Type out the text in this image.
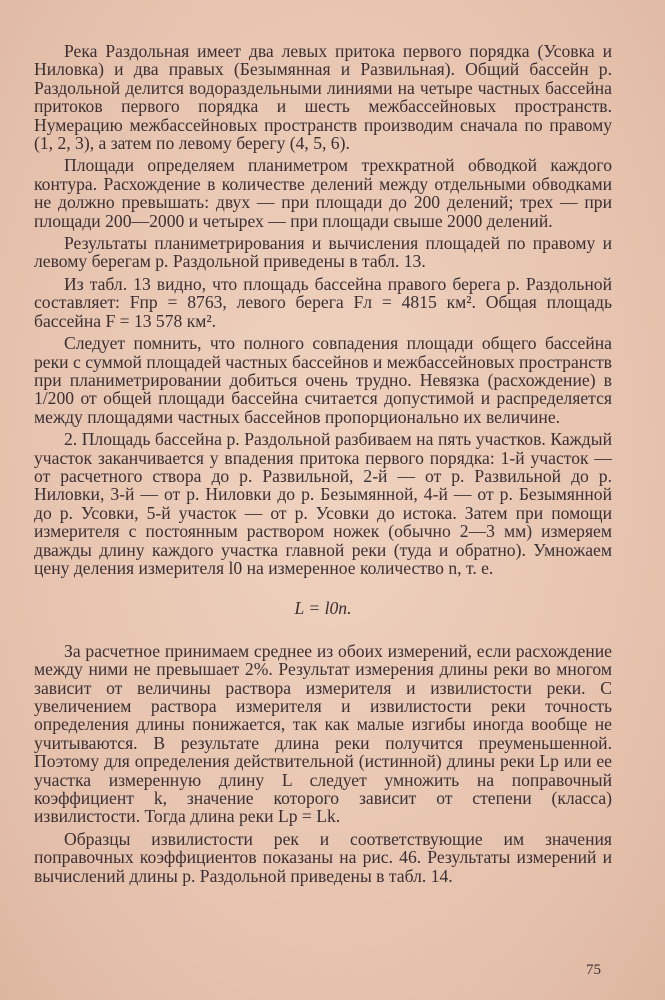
Река Раздольная имеет два левых притока первого порядка (Усовка и Ниловка) и два правых (Безымянная и Развильная). Общий бассейн р. Раздольной делится водораздельными линиями на четыре частных бассейна притоков первого порядка и шесть межбассейновых пространств. Нумерацию межбассейновых пространств производим сначала по правому (1, 2, 3), а затем по левому берегу (4, 5, 6).

Площади определяем планиметром трехкратной обводкой каждого контура. Расхождение в количестве делений между отдельными обводками не должно превышать: двух — при площади до 200 делений; трех — при площади 200—2000 и четырех — при площади свыше 2000 делений.

Результаты планиметрирования и вычисления площадей по правому и левому берегам р. Раздольной приведены в табл. 13.

Из табл. 13 видно, что площадь бассейна правого берега р. Раздольной составляет: Fпр = 8763, левого берега Fл = 4815 км². Общая площадь бассейна F = 13 578 км².

Следует помнить, что полного совпадения площади общего бассейна реки с суммой площадей частных бассейнов и межбассейновых пространств при планиметрировании добиться очень трудно. Невязка (расхождение) в 1/200 от общей площади бассейна считается допустимой и распределяется между площадями частных бассейнов пропорционально их величине.

2. Площадь бассейна р. Раздольной разбиваем на пять участков. Каждый участок заканчивается у впадения притока первого порядка: 1-й участок — от расчетного створа до р. Развильной, 2-й — от р. Развильной до р. Ниловки, 3-й — от р. Ниловки до р. Безымянной, 4-й — от р. Безымянной до р. Усовки, 5-й участок — от р. Усовки до истока. Затем при помощи измерителя с постоянным раствором ножек (обычно 2—3 мм) измеряем дважды длину каждого участка главной реки (туда и обратно). Умножаем цену деления измерителя l0 на измеренное количество n, т. е.

L = l0n.

За расчетное принимаем среднее из обоих измерений, если расхождение между ними не превышает 2%. Результат измерения длины реки во многом зависит от величины раствора измерителя и извилистости реки. С увеличением раствора измерителя и извилистости реки точность определения длины понижается, так как малые изгибы иногда вообще не учитываются. В результате длина реки получится преуменьшенной. Поэтому для определения действительной (истинной) длины реки Lр или ее участка измеренную длину L следует умножить на поправочный коэффициент k, значение которого зависит от степени (класса) извилистости. Тогда длина реки Lр = Lk.

Образцы извилистости рек и соответствующие им значения поправочных коэффициентов показаны на рис. 46. Результаты измерений и вычислений длины р. Раздольной приведены в табл. 14.

75
